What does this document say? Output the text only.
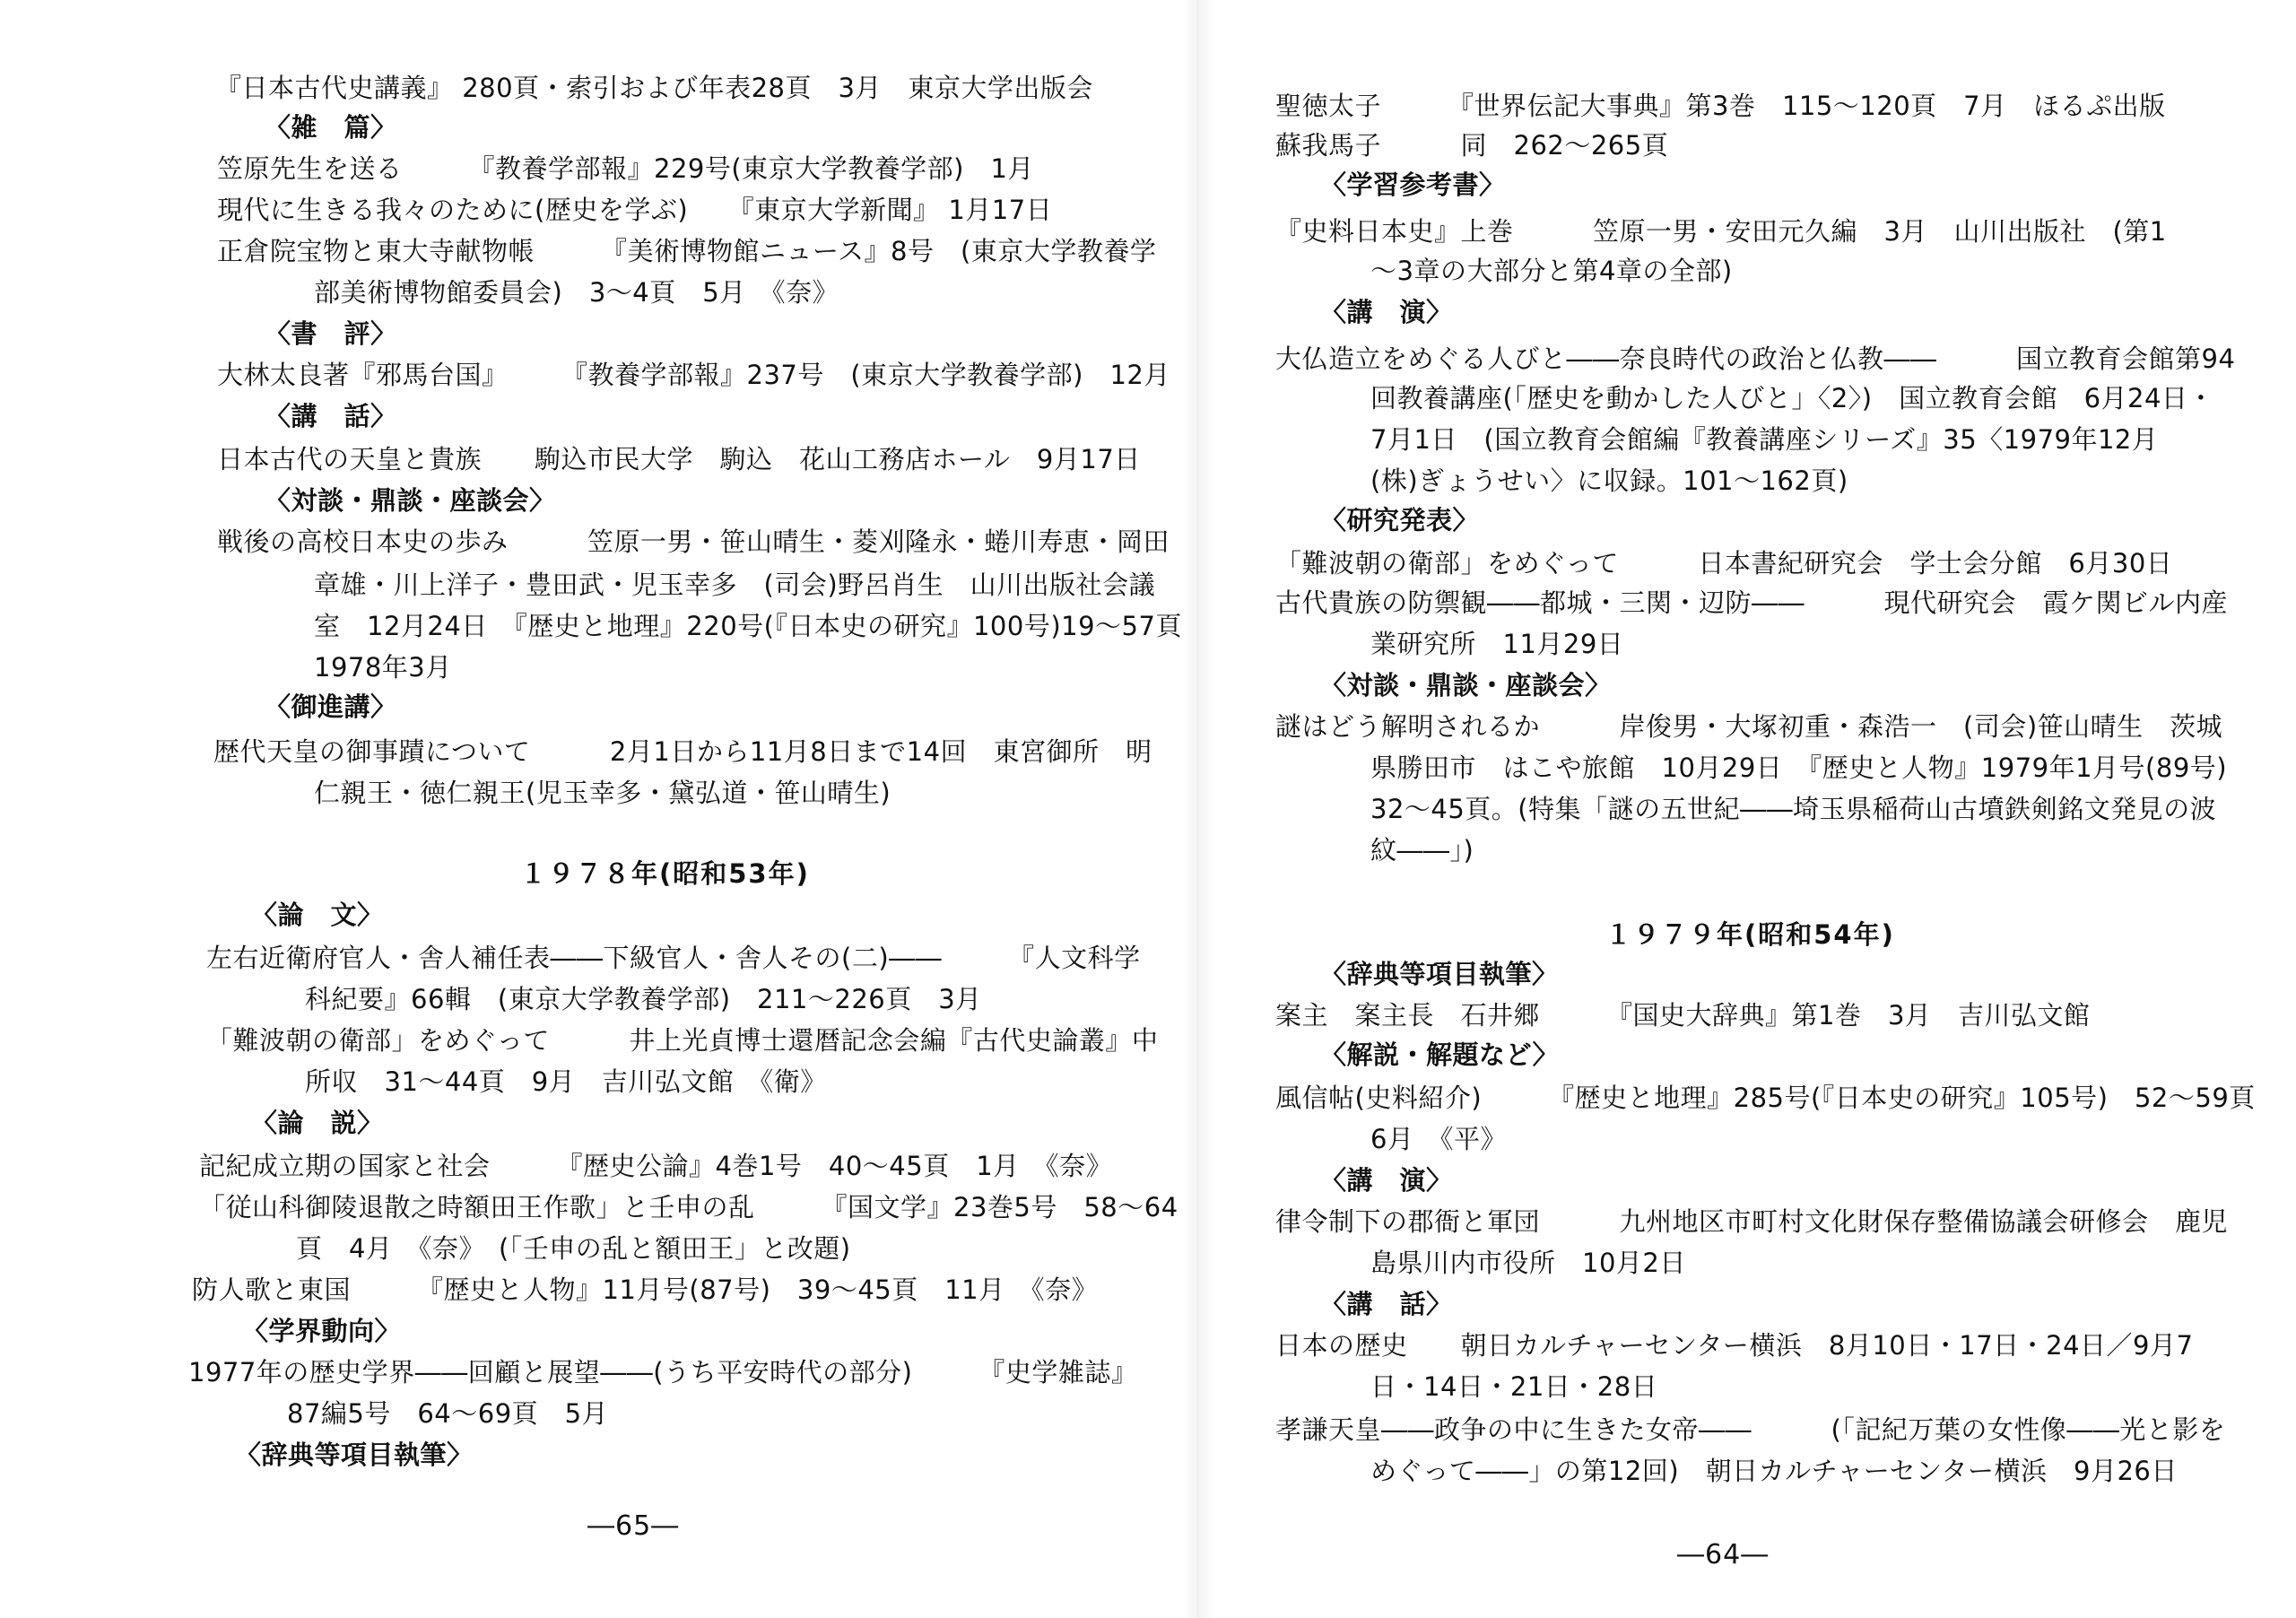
『日本古代史講義』 280頁・索引および年表28頁　3月　東京大学出版会
〈雑　篇〉
笠原先生を送る　　　『教養学部報』229号(東京大学教養学部)　1月
現代に生きる我々のために(歴史を学ぶ)　　『東京大学新聞』 1月17日
正倉院宝物と東大寺献物帳　　　『美術博物館ニュース』8号　(東京大学教養学
部美術博物館委員会)　3～4頁　5月　《奈》
〈書　評〉
大林太良著『邪馬台国』　　　『教養学部報』237号　(東京大学教養学部)　12月
〈講　話〉
日本古代の天皇と貴族　　駒込市民大学　駒込　花山工務店ホール　9月17日
〈対談・鼎談・座談会〉
戦後の高校日本史の歩み　　　笠原一男・笹山晴生・菱刈隆永・蜷川寿恵・岡田
章雄・川上洋子・豊田武・児玉幸多　(司会)野呂肖生　山川出版社会議
室　12月24日　『歴史と地理』220号(『日本史の研究』100号)19～57頁
1978年3月
〈御進講〉
歴代天皇の御事蹟について　　　2月1日から11月8日まで14回　東宮御所　明
仁親王・徳仁親王(児玉幸多・黛弘道・笹山晴生)
１９７８年(昭和53年)
〈論　文〉
左右近衛府官人・舎人補任表――下級官人・舎人その(二)――　　　『人文科学
科紀要』66輯　(東京大学教養学部)　211～226頁　3月
「難波朝の衛部」をめぐって　　　井上光貞博士還暦記念会編『古代史論叢』中
所収　31～44頁　9月　吉川弘文館　《衛》
〈論　説〉
記紀成立期の国家と社会　　　『歴史公論』4巻1号　40～45頁　1月　《奈》
「従山科御陵退散之時額田王作歌」と壬申の乱　　　『国文学』23巻5号　58～64
頁　4月　《奈》　(「壬申の乱と額田王」と改題)
防人歌と東国　　　『歴史と人物』11月号(87号)　39～45頁　11月　《奈》
〈学界動向〉
1977年の歴史学界――回顧と展望――(うち平安時代の部分)　　　『史学雑誌』
87編5号　64～69頁　5月
〈辞典等項目執筆〉
―65―
聖徳太子　　　『世界伝記大事典』第3巻　115～120頁　7月　ほるぷ出版
蘇我馬子　　　同　262～265頁
〈学習参考書〉
『史料日本史』上巻　　　笠原一男・安田元久編　3月　山川出版社　(第1
～3章の大部分と第4章の全部)
〈講　演〉
大仏造立をめぐる人びと――奈良時代の政治と仏教――　　　国立教育会館第94
回教養講座(「歴史を動かした人びと」〈2〉)　国立教育会館　6月24日・
7月1日　(国立教育会館編『教養講座シリーズ』35〈1979年12月
(株)ぎょうせい〉に収録。101～162頁)
〈研究発表〉
「難波朝の衛部」をめぐって　　　日本書紀研究会　学士会分館　6月30日
古代貴族の防禦観――都城・三関・辺防――　　　現代研究会　霞ケ関ビル内産
業研究所　11月29日
〈対談・鼎談・座談会〉
謎はどう解明されるか　　　岸俊男・大塚初重・森浩一　(司会)笹山晴生　茨城
県勝田市　はこや旅館　10月29日　『歴史と人物』1979年1月号(89号)
32～45頁。(特集「謎の五世紀――埼玉県稲荷山古墳鉄剣銘文発見の波
紋――」)
１９７９年(昭和54年)
〈辞典等項目執筆〉
案主　案主長　石井郷　　　『国史大辞典』第1巻　3月　吉川弘文館
〈解説・解題など〉
風信帖(史料紹介)　　　『歴史と地理』285号(『日本史の研究』105号)　52～59頁
6月　《平》
〈講　演〉
律令制下の郡衙と軍団　　　九州地区市町村文化財保存整備協議会研修会　鹿児
島県川内市役所　10月2日
〈講　話〉
日本の歴史　　朝日カルチャーセンター横浜　8月10日・17日・24日／9月7
日・14日・21日・28日
孝謙天皇――政争の中に生きた女帝――　　　(「記紀万葉の女性像――光と影を
めぐって――」の第12回)　朝日カルチャーセンター横浜　9月26日
―64―
